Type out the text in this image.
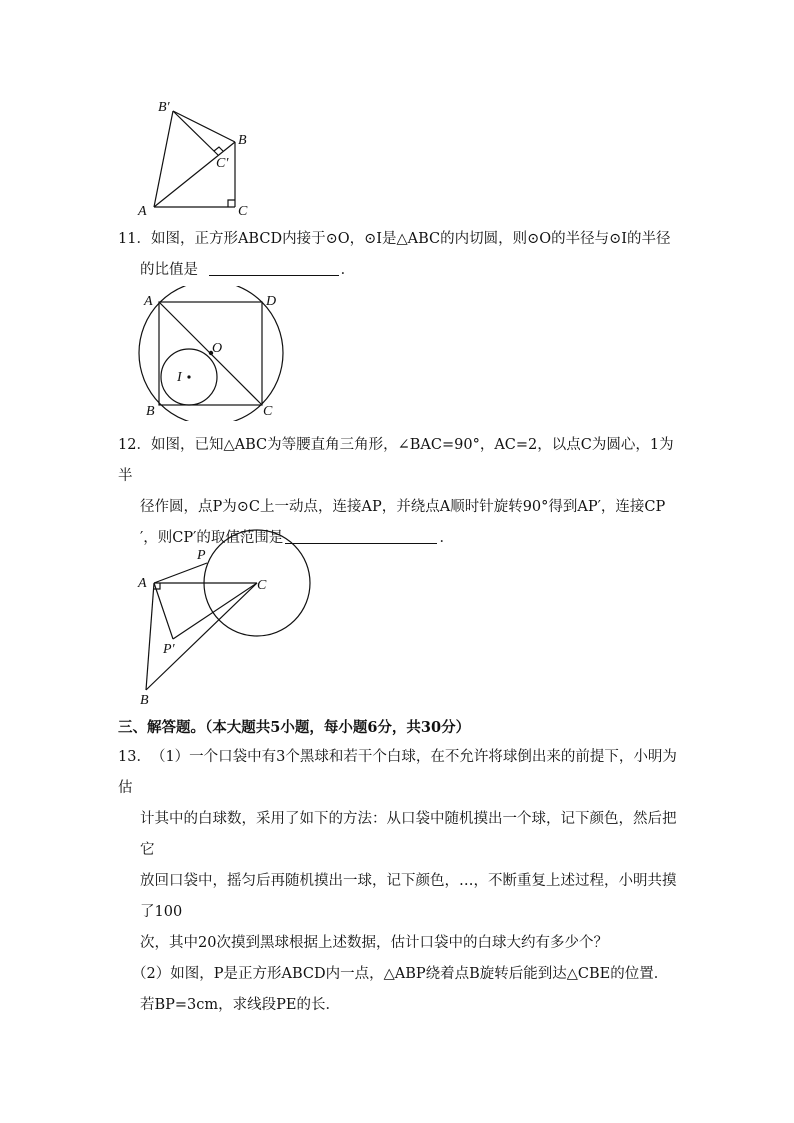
B′
B
C′
A	C

11．如图，正方形ABCD内接于⊙O，⊙I是△ABC的内切圆，则⊙O的半径与⊙I的半径

的比值是	．

A	D
O
I
B	C

12．如图，已知△ABC为等腰直角三角形，∠BAC=90°，AC=2，以点C为圆心，1为半

径作圆，点P为⊙C上一动点，连接AP，并绕点A顺时针旋转90°得到AP′，连接CP

′，则CP′的取值范围是	．

P
A	C
P′
B
三、解答题。（本大题共5小题，每小题6分，共30分）

13．（1）一个口袋中有3个黑球和若干个白球，在不允许将球倒出来的前提下，小明为估

计其中的白球数，采用了如下的方法：从口袋中随机摸出一个球，记下颜色，然后把它

放回口袋中，摇匀后再随机摸出一球，记下颜色，…，不断重复上述过程，小明共摸了100

次，其中20次摸到黑球根据上述数据，估计口袋中的白球大约有多少个？

（2）如图，P是正方形ABCD内一点，△ABP绕着点B旋转后能到达△CBE的位置．

若BP=3cm，求线段PE的长．
